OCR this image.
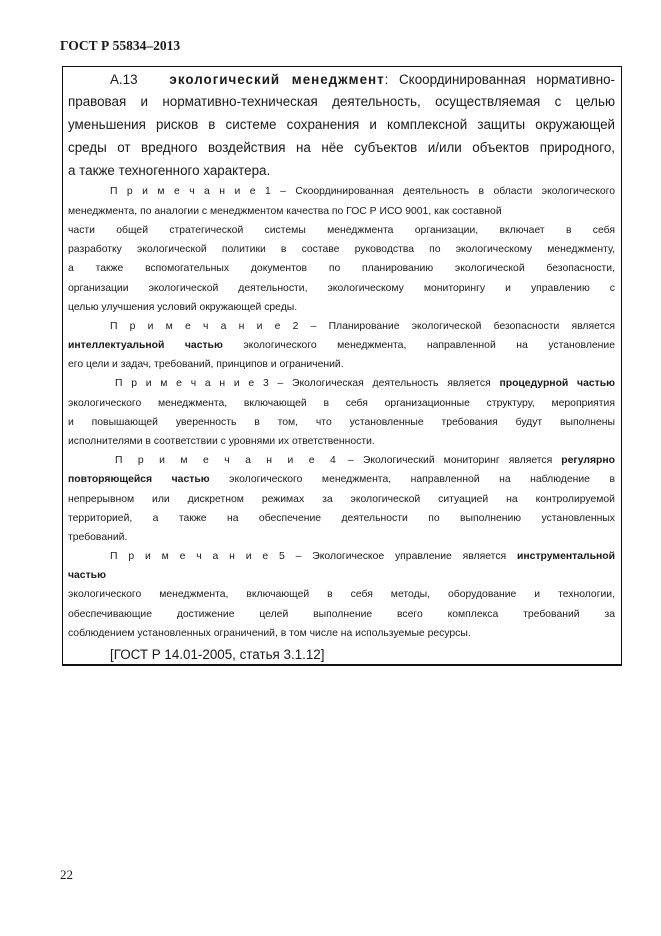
ГОСТ Р 55834–2013
А.13 экологический менеджмент: Скоординированная нормативно-
правовая и нормативно-техническая деятельность, осуществляемая с целью
уменьшения рисков в системе сохранения и комплексной защиты окружающей
среды от вредного воздействия на нёе субъектов и/или объектов природного,
а также техногенного характера.
П р и м е ч а н и е 1 – Скоординированная деятельность в области экологического
менеджмента, по аналогии с менеджментом качества по ГОС Р ИСО 9001, как составной
части общей стратегической системы менеджмента организации, включает в себя
разработку экологической политики в составе руководства по экологическому менеджменту,
а также вспомогательных документов по планированию экологической безопасности,
организации экологической деятельности, экологическому мониторингу и управлению с
целью улучшения условий окружающей среды.
П р и м е ч а н и е 2 – Планирование экологической безопасности является
интеллектуальной частью экологического менеджмента, направленной на установление
его цели и задач, требований, принципов и ограничений.
П р и м е ч а н и е 3 – Экологическая деятельность является процедурной частью
экологического менеджмента, включающей в себя организационные структуру, мероприятия
и повышающей уверенность в том, что установленные требования будут выполнены
исполнителями в соответствии с уровнями их ответственности.
П р и м е ч а н и е 4 – Экологический мониторинг является регулярно
повторяющейся частью экологического менеджмента, направленной на наблюдение в
непрерывном или дискретном режимах за экологической ситуацией на контролируемой
территорией, а также на обеспечение деятельности по выполнению установленных
требований.
П р и м е ч а н и е 5 – Экологическое управление является инструментальной
частью
экологического менеджмента, включающей в себя методы, оборудование и технологии,
обеспечивающие достижение целей выполнение всего комплекса требований за
соблюдением установленных ограничений, в том числе на используемые ресурсы.
[ГОСТ Р 14.01-2005, статья 3.1.12]
22
